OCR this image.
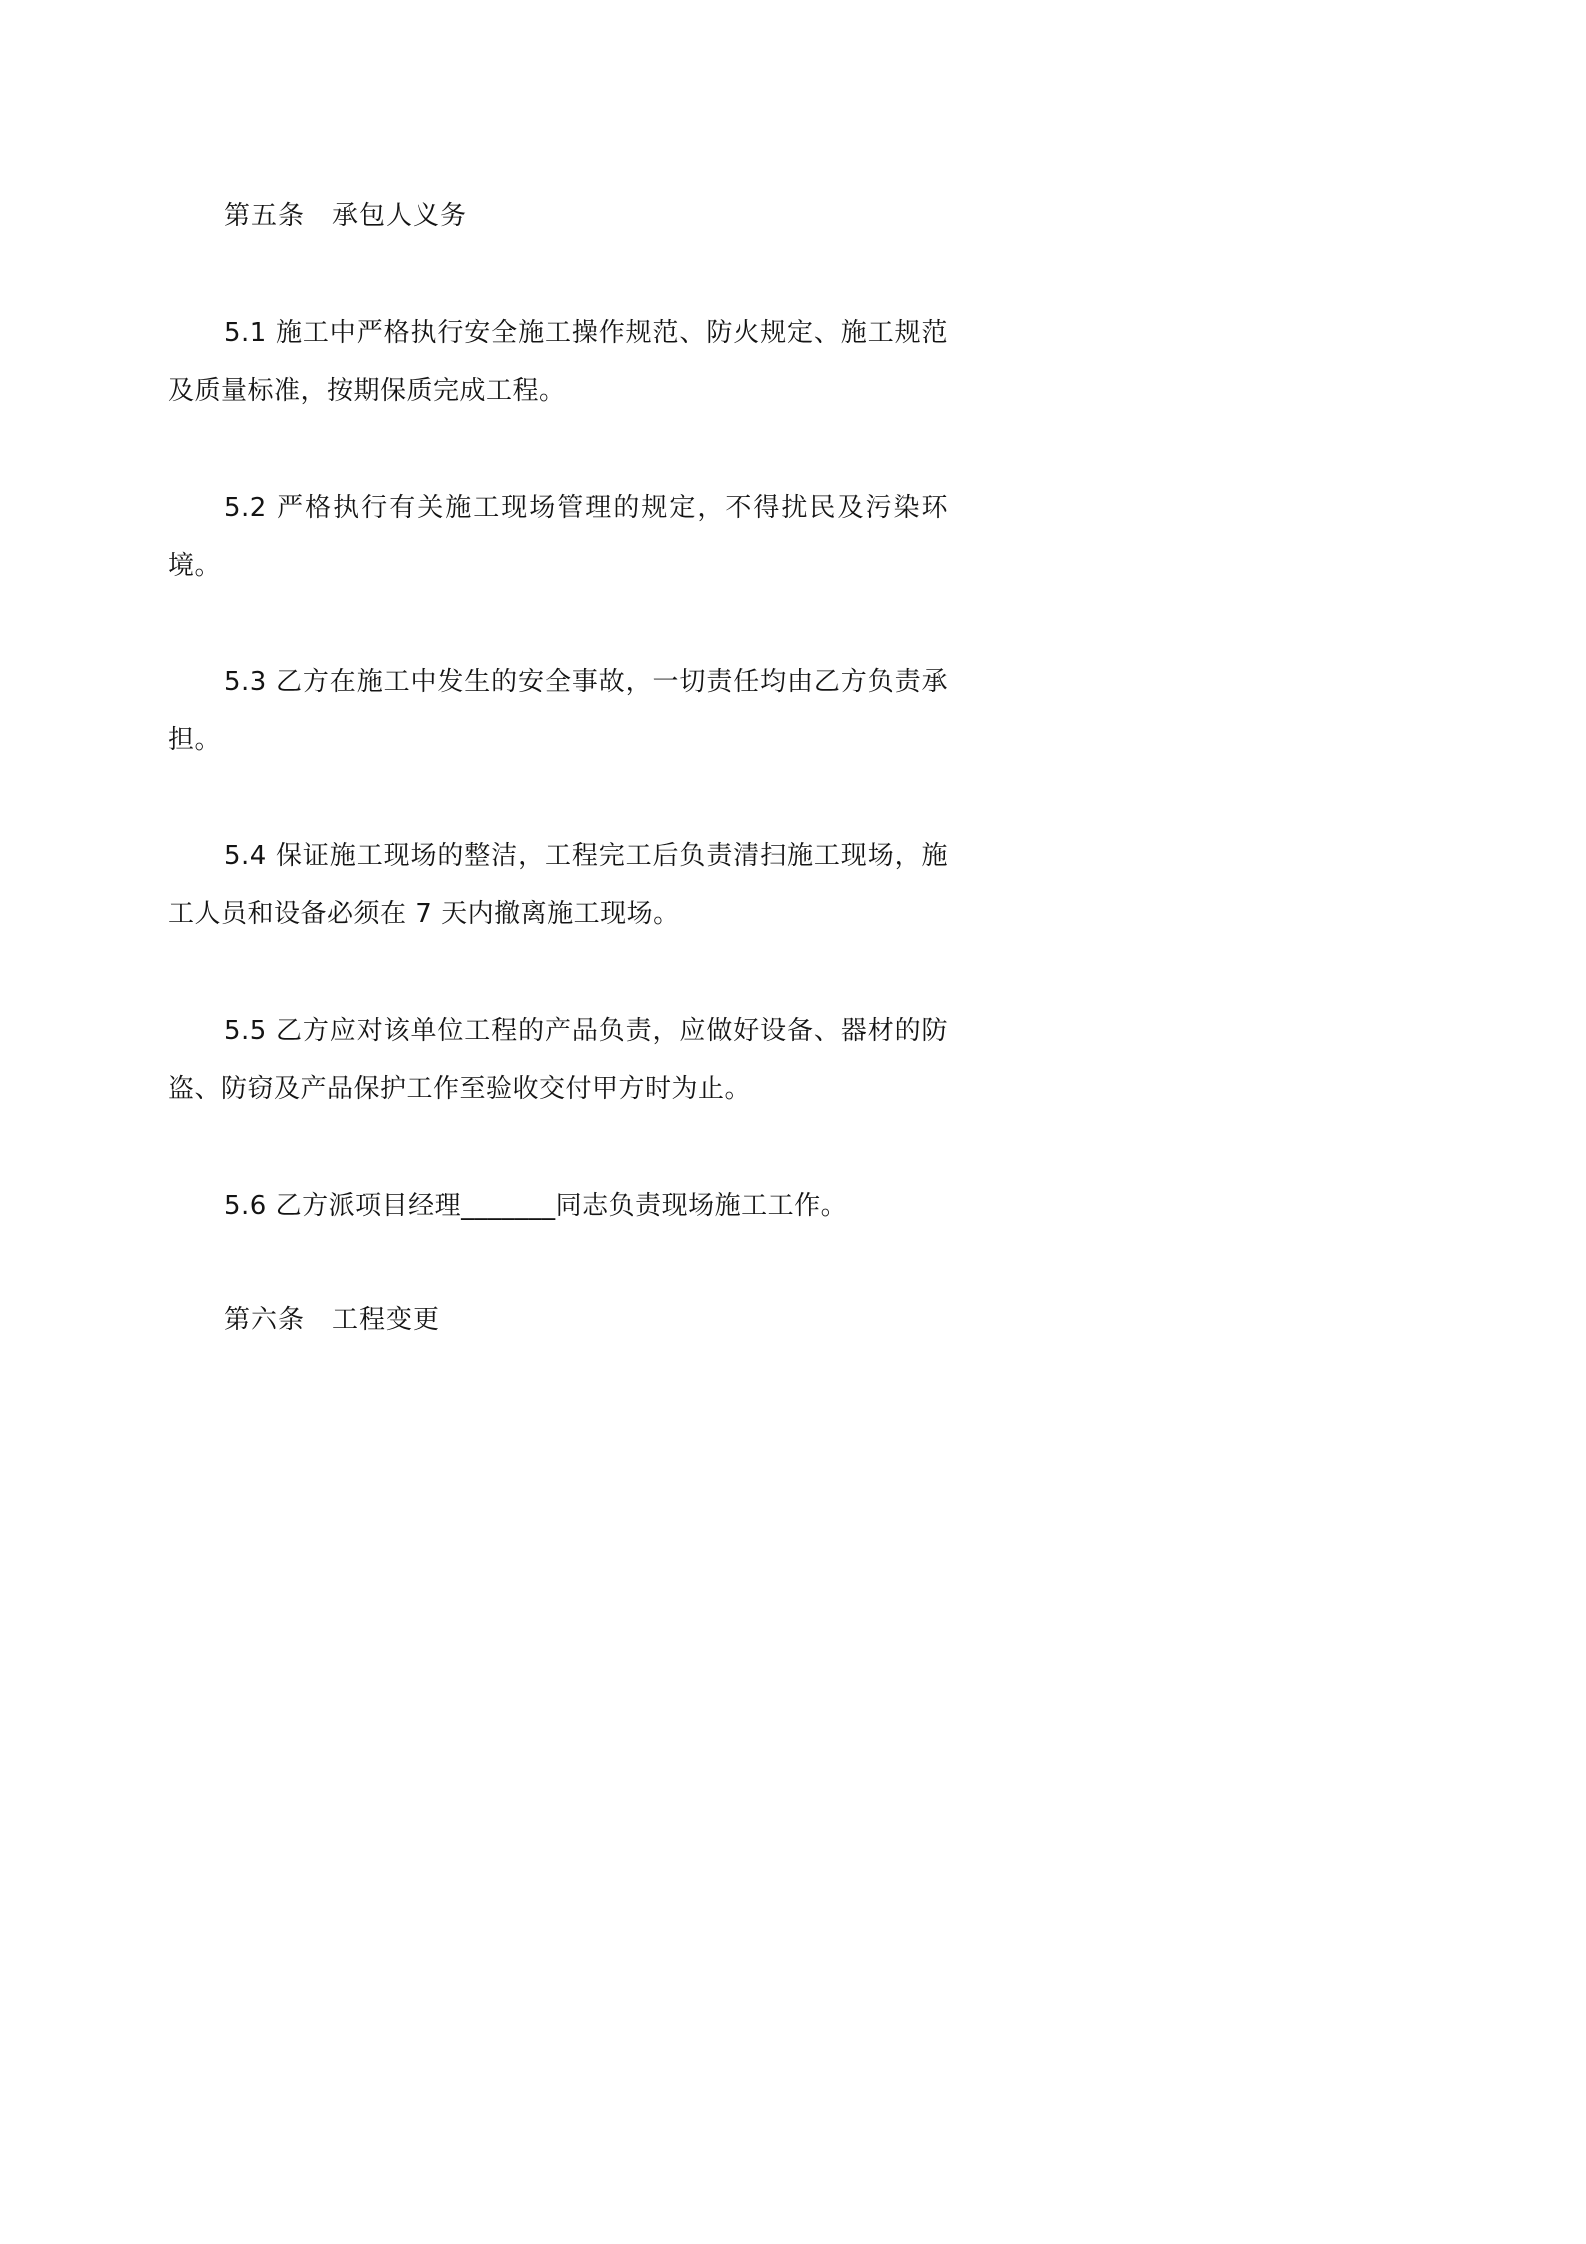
第五条　承包人义务
5.1 施工中严格执行安全施工操作规范、防火规定、施工规范及质量标准，按期保质完成工程。
5.2 严格执行有关施工现场管理的规定，不得扰民及污染环境。
5.3 乙方在施工中发生的安全事故，一切责任均由乙方负责承担。
5.4 保证施工现场的整洁，工程完工后负责清扫施工现场，施工人员和设备必须在 7 天内撤离施工现场。
5.5 乙方应对该单位工程的产品负责，应做好设备、器材的防盗、防窃及产品保护工作至验收交付甲方时为止。
5.6 乙方派项目经理_______同志负责现场施工工作。
第六条　工程变更
